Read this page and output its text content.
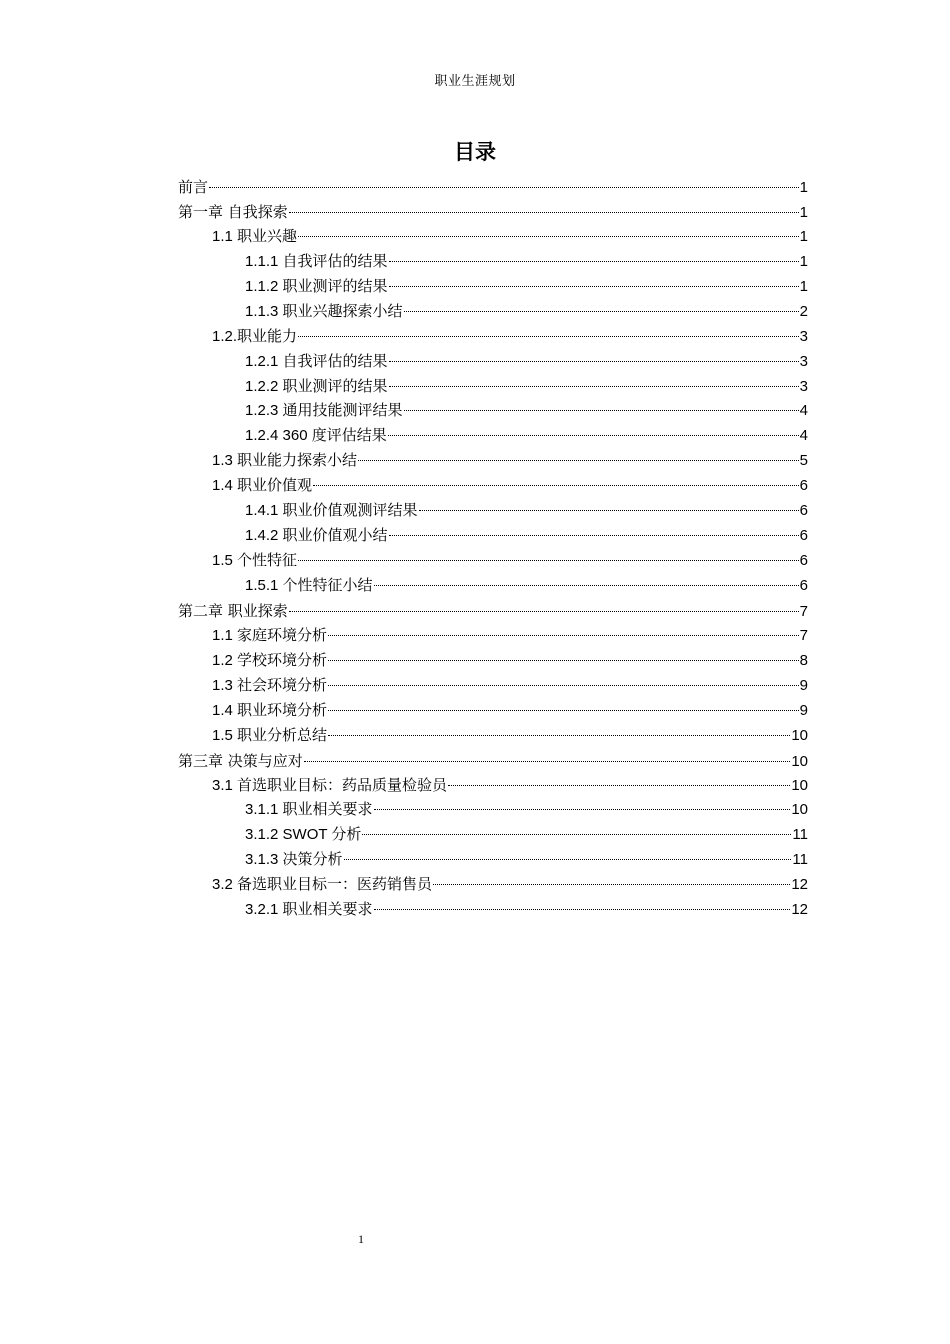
职业生涯规划
目录
前言	1
第一章 自我探索	1
1.1 职业兴趣	1
1.1.1 自我评估的结果	1
1.1.2 职业测评的结果	1
1.1.3 职业兴趣探索小结	2
1.2.职业能力	3
1.2.1 自我评估的结果	3
1.2.2 职业测评的结果	3
1.2.3 通用技能测评结果	4
1.2.4 360 度评估结果	4
1.3 职业能力探索小结	5
1.4 职业价值观	6
1.4.1 职业价值观测评结果	6
1.4.2 职业价值观小结	6
1.5 个性特征	6
1.5.1 个性特征小结	6
第二章 职业探索	7
1.1 家庭环境分析	7
1.2 学校环境分析	8
1.3 社会环境分析	9
1.4 职业环境分析	9
1.5 职业分析总结	10
第三章 决策与应对	10
3.1 首选职业目标：药品质量检验员	10
3.1.1 职业相关要求	10
3.1.2 SWOT 分析	11
3.1.3 决策分析	11
3.2 备选职业目标一：医药销售员	12
3.2.1 职业相关要求	12
1
